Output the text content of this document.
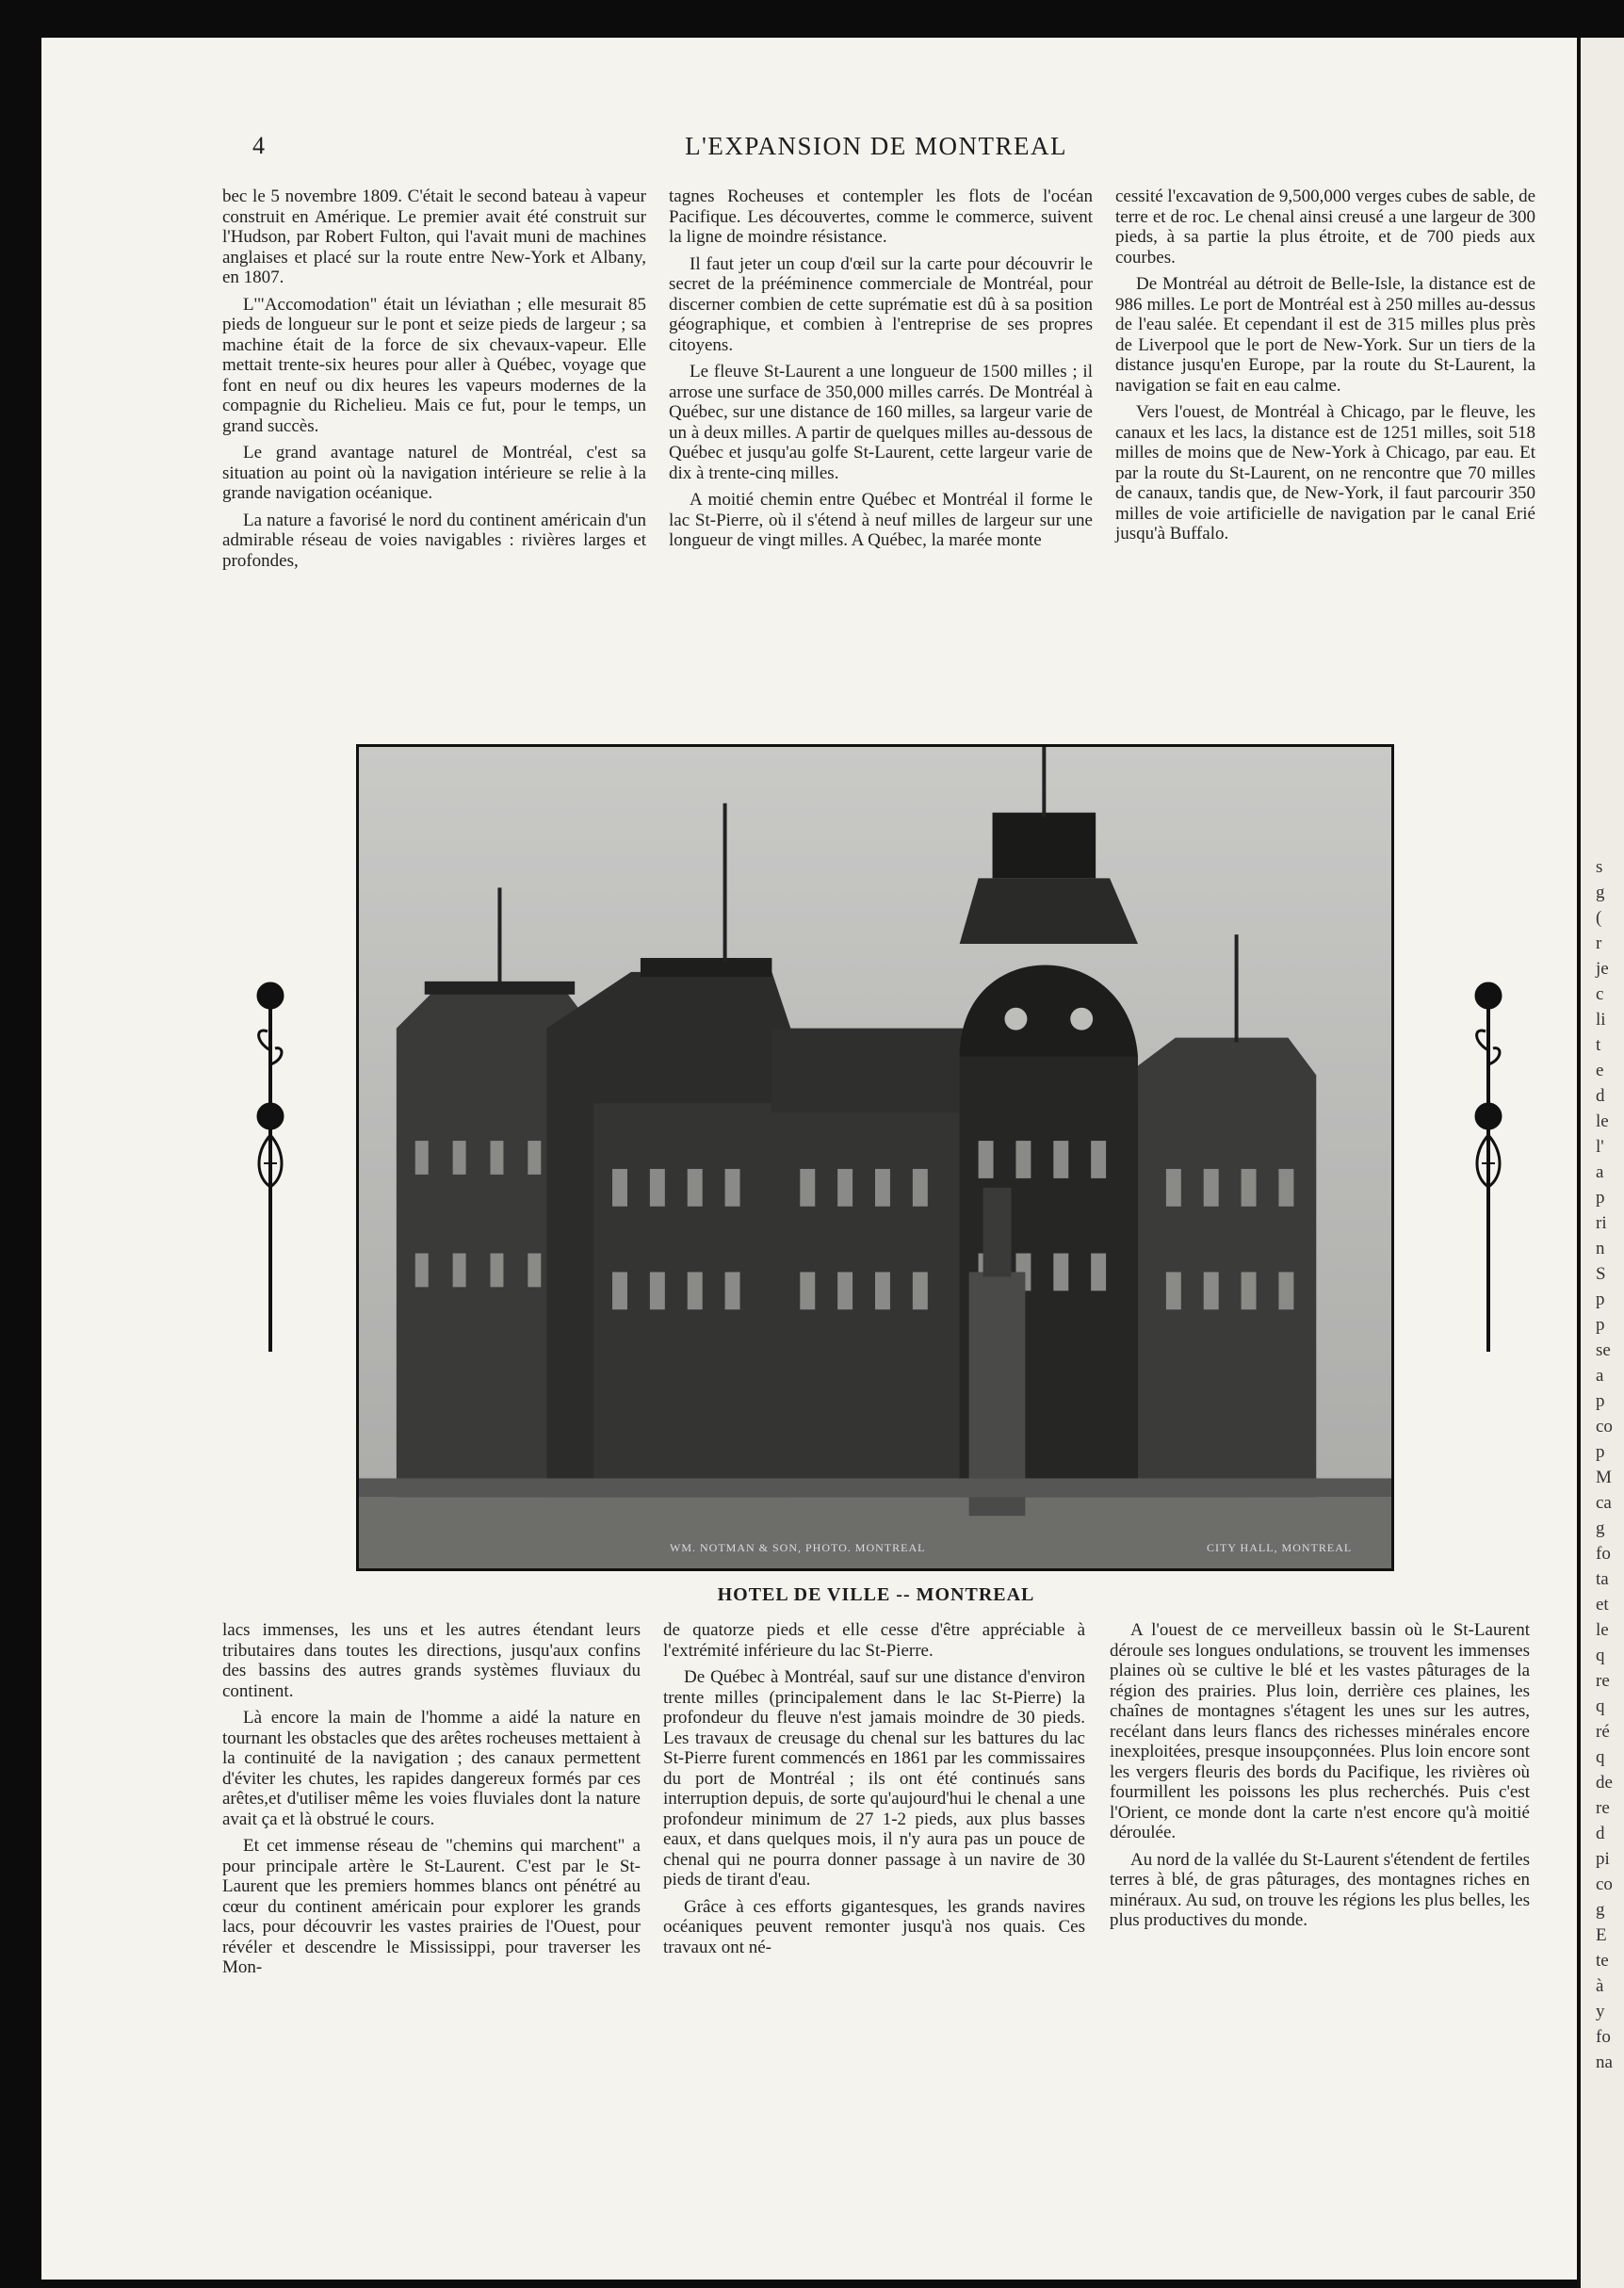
s
g
(
r
je
c
li
t
e
d
le
l'
a
p
ri
n
S
p
p
se
a
p
co
p
M
ca
g
fo
ta
et
le
q
re
q
ré
q
de
re
d
pi
co
g
E
te
à
y
fo
na
4	L'EXPANSION DE MONTREAL

bec le 5 novembre 1809. C'était le second bateau à vapeur construit en Amérique. Le premier avait été construit sur l'Hudson, par Robert Fulton, qui l'avait muni de machines anglaises et placé sur la route entre New-York et Albany, en 1807.

L'"Accomodation" était un léviathan ; elle mesurait 85 pieds de longueur sur le pont et seize pieds de largeur ; sa machine était de la force de six chevaux-vapeur. Elle mettait trente-six heures pour aller à Québec, voyage que font en neuf ou dix heures les vapeurs modernes de la compagnie du Richelieu. Mais ce fut, pour le temps, un grand succès.

Le grand avantage naturel de Montréal, c'est sa situation au point où la navigation intérieure se relie à la grande navigation océanique.

La nature a favorisé le nord du continent américain d'un admirable réseau de voies navigables : rivières larges et profondes,

tagnes Rocheuses et contempler les flots de l'océan Pacifique. Les découvertes, comme le commerce, suivent la ligne de moindre résistance.

Il faut jeter un coup d'œil sur la carte pour découvrir le secret de la prééminence commerciale de Montréal, pour discerner combien de cette suprématie est dû à sa position géographique, et combien à l'entreprise de ses propres citoyens.

Le fleuve St-Laurent a une longueur de 1500 milles ; il arrose une surface de 350,000 milles carrés. De Montréal à Québec, sur une distance de 160 milles, sa largeur varie de un à deux milles. A partir de quelques milles au-dessous de Québec et jusqu'au golfe St-Laurent, cette largeur varie de dix à trente-cinq milles.

A moitié chemin entre Québec et Montréal il forme le lac St-Pierre, où il s'étend à neuf milles de largeur sur une longueur de vingt milles. A Québec, la marée monte

cessité l'excavation de 9,500,000 verges cubes de sable, de terre et de roc. Le chenal ainsi creusé a une largeur de 300 pieds, à sa partie la plus étroite, et de 700 pieds aux courbes.

De Montréal au détroit de Belle-Isle, la distance est de 986 milles. Le port de Montréal est à 250 milles au-dessus de l'eau salée. Et cependant il est de 315 milles plus près de Liverpool que le port de New-York. Sur un tiers de la distance jusqu'en Europe, par la route du St-Laurent, la navigation se fait en eau calme.

Vers l'ouest, de Montréal à Chicago, par le fleuve, les canaux et les lacs, la distance est de 1251 milles, soit 518 milles de moins que de New-York à Chicago, par eau. Et par la route du St-Laurent, on ne rencontre que 70 milles de canaux, tandis que, de New-York, il faut parcourir 350 milles de voie artificielle de navigation par le canal Erié jusqu'à Buffalo.

WM. NOTMAN & SON, PHOTO. MONTREAL	CITY HALL, MONTREAL
HOTEL DE VILLE -- MONTREAL

lacs immenses, les uns et les autres étendant leurs tributaires dans toutes les directions, jusqu'aux confins des bassins des autres grands systèmes fluviaux du continent.

Là encore la main de l'homme a aidé la nature en tournant les obstacles que des arêtes rocheuses mettaient à la continuité de la navigation ; des canaux permettent d'éviter les chutes, les rapides dangereux formés par ces arêtes,et d'utiliser même les voies fluviales dont la nature avait ça et là obstrué le cours.

Et cet immense réseau de "chemins qui marchent" a pour principale artère le St-Laurent. C'est par le St-Laurent que les premiers hommes blancs ont pénétré au cœur du continent américain pour explorer les grands lacs, pour découvrir les vastes prairies de l'Ouest, pour révéler et descendre le Mississippi, pour traverser les Mon-

de quatorze pieds et elle cesse d'être appréciable à l'extrémité inférieure du lac St-Pierre.

De Québec à Montréal, sauf sur une distance d'environ trente milles (principalement dans le lac St-Pierre) la profondeur du fleuve n'est jamais moindre de 30 pieds. Les travaux de creusage du chenal sur les battures du lac St-Pierre furent commencés en 1861 par les commissaires du port de Montréal ; ils ont été continués sans interruption depuis, de sorte qu'aujourd'hui le chenal a une profondeur minimum de 27 1-2 pieds, aux plus basses eaux, et dans quelques mois, il n'y aura pas un pouce de chenal qui ne pourra donner passage à un navire de 30 pieds de tirant d'eau.

Grâce à ces efforts gigantesques, les grands navires océaniques peuvent remonter jusqu'à nos quais. Ces travaux ont né-

A l'ouest de ce merveilleux bassin où le St-Laurent déroule ses longues ondulations, se trouvent les immenses plaines où se cultive le blé et les vastes pâturages de la région des prairies. Plus loin, derrière ces plaines, les chaînes de montagnes s'étagent les unes sur les autres, recélant dans leurs flancs des richesses minérales encore inexploitées, presque insoupçonnées. Plus loin encore sont les vergers fleuris des bords du Pacifique, les rivières où fourmillent les poissons les plus recherchés. Puis c'est l'Orient, ce monde dont la carte n'est encore qu'à moitié déroulée.

Au nord de la vallée du St-Laurent s'étendent de fertiles terres à blé, de gras pâturages, des montagnes riches en minéraux. Au sud, on trouve les régions les plus belles, les plus productives du monde.
